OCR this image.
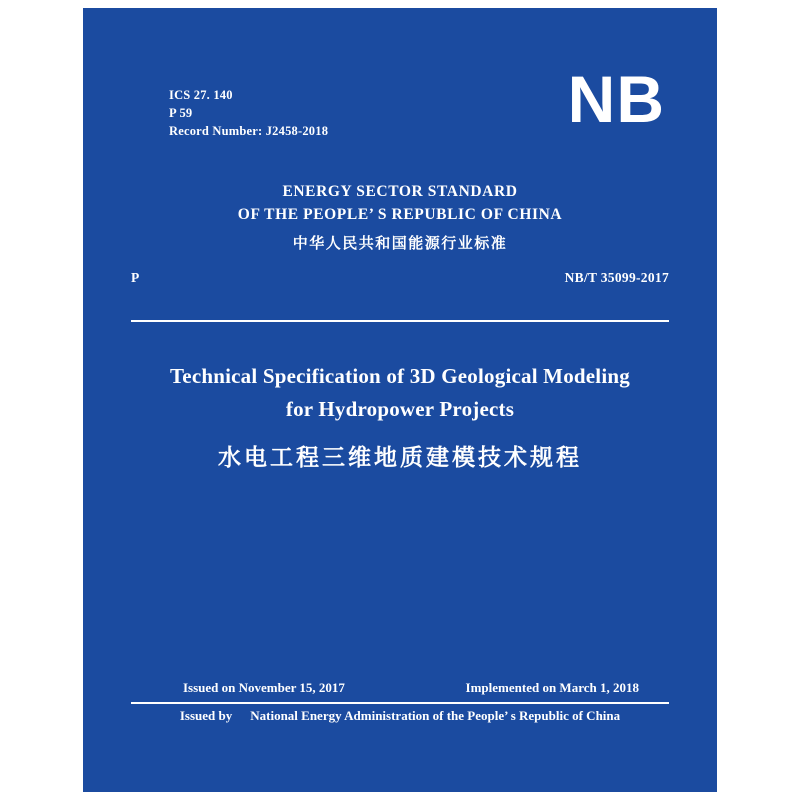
ICS 27. 140
P 59
Record Number: J2458-2018	NB
ENERGY SECTOR STANDARD
OF THE PEOPLE’ S REPUBLIC OF CHINA
中华人民共和国能源行业标准
P	NB/T 35099-2017
Technical Specification of 3D Geological Modeling
for Hydropower Projects
水电工程三维地质建模技术规程
Issued on November 15, 2017	Implemented on March 1, 2018
Issued by National Energy Administration of the People’ s Republic of China
